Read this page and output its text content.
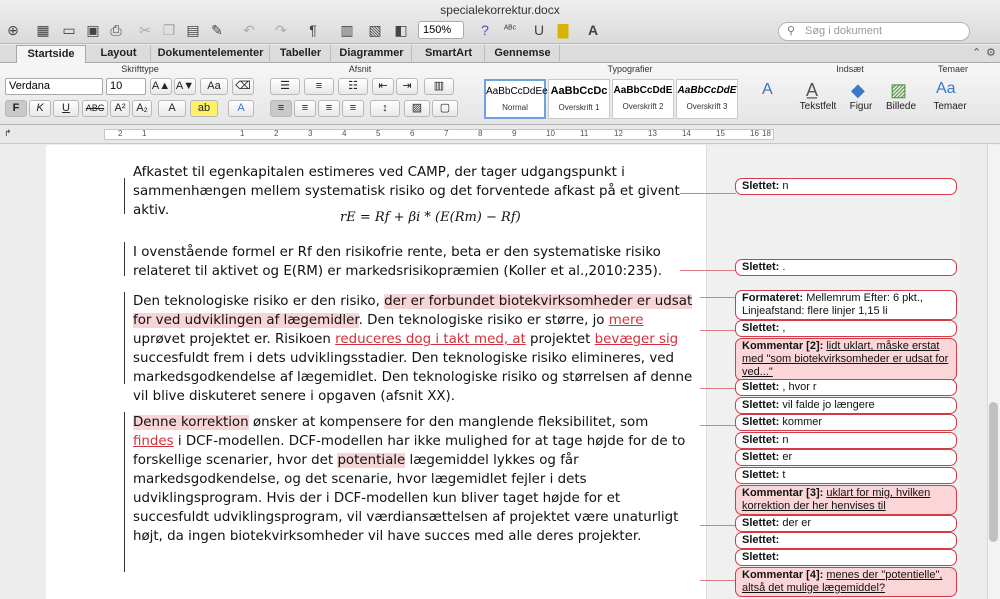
specialekorrektur.docx
⊕ ▦ ▭ ▣ ⎙ ✂ ❐ ▤ ✎	↶	↷	¶	▥	▧ ◧	150%	?	ᴬᴮᶜ	U ▇ A	⚲ Søg i dokument
Startside	Layout	Dokumentelementer	Tabeller	Diagrammer	SmartArt	Gennemse	⌃ ⚙
Skrifttype	Afsnit	Typografier	Indsæt	Temaer
Verdana	10	A▲ A▼	Aa	⌫
F	K	U	ABC A² A₂	A	ab	A
☰	≡	☷	⇤	⇥	▥
≡	≡	≡	≡	↕	▨	▢
AaBbCcDdEe
Normal
AaBbCcDc
Overskrift 1
AaBbCcDdE
Overskrift 2
AaBbCcDdE
Overskrift 3
A A̲
Tekstfelt
◆
Figur
▨
Billede
Aa
Temaer
↱	2 1	1	2	3	4	5	6	7	8	9	10	11	12	13	14	15	16 18
Afkastet til egenkapitalen estimeres ved CAMP, der tager udgangspunkt i sammenhængen mellem systematisk risiko og det forventede afkast på et givent aktiv.	rE = Rf + βi * (E(Rm) − Rf)
I ovenstående formel er Rf den risikofrie rente, beta er den systematiske risiko relateret til aktivet og E(RM) er markedsrisikopræmien (Koller et al.,2010:235).
Den teknologiske risiko er den risiko, der er forbundet biotekvirksomheder er udsat for ved udviklingen af lægemidler. Den teknologiske risiko er større, jo mere uprøvet projektet er. Risikoen reduceres dog i takt med, at projektet bevæger sig succesfuldt frem i dets udviklingsstadier. Den teknologiske risiko elimineres, ved markedsgodkendelse af lægemidlet. Den teknologiske risiko og størrelsen af denne vil blive diskuteret senere i opgaven (afsnit XX).
Denne korrektion ønsker at kompensere for den manglende fleksibilitet, som findes i DCF-modellen. DCF-modellen har ikke mulighed for at tage højde for de to forskellige scenarier, hvor det potentiale lægemiddel lykkes og får markedsgodkendelse, og det scenarie, hvor lægemidlet fejler i dets udviklingsprogram. Hvis der i DCF-modellen kun bliver taget højde for et succesfuldt udviklingsprogram, vil værdiansættelsen af projektet være unaturligt højt, da ingen biotekvirksomheder vil have succes med alle deres projekter.
Slettet: n
Slettet: .
Formateret: Mellemrum Efter: 6 pkt., Linjeafstand: flere linjer 1,15 li
Slettet: ,
Kommentar [2]: lidt uklart, måske erstat med "som biotekvirksomheder er udsat for ved..."
Slettet: , hvor r
Slettet: vil falde jo længere
Slettet: kommer
Slettet: n
Slettet: er
Slettet: t
Kommentar [3]: uklart for mig, hvilken korrektion der her henvises til
Slettet: der er
Slettet:
Slettet:
Kommentar [4]: menes der "potentielle", altså det mulige lægemiddel?
